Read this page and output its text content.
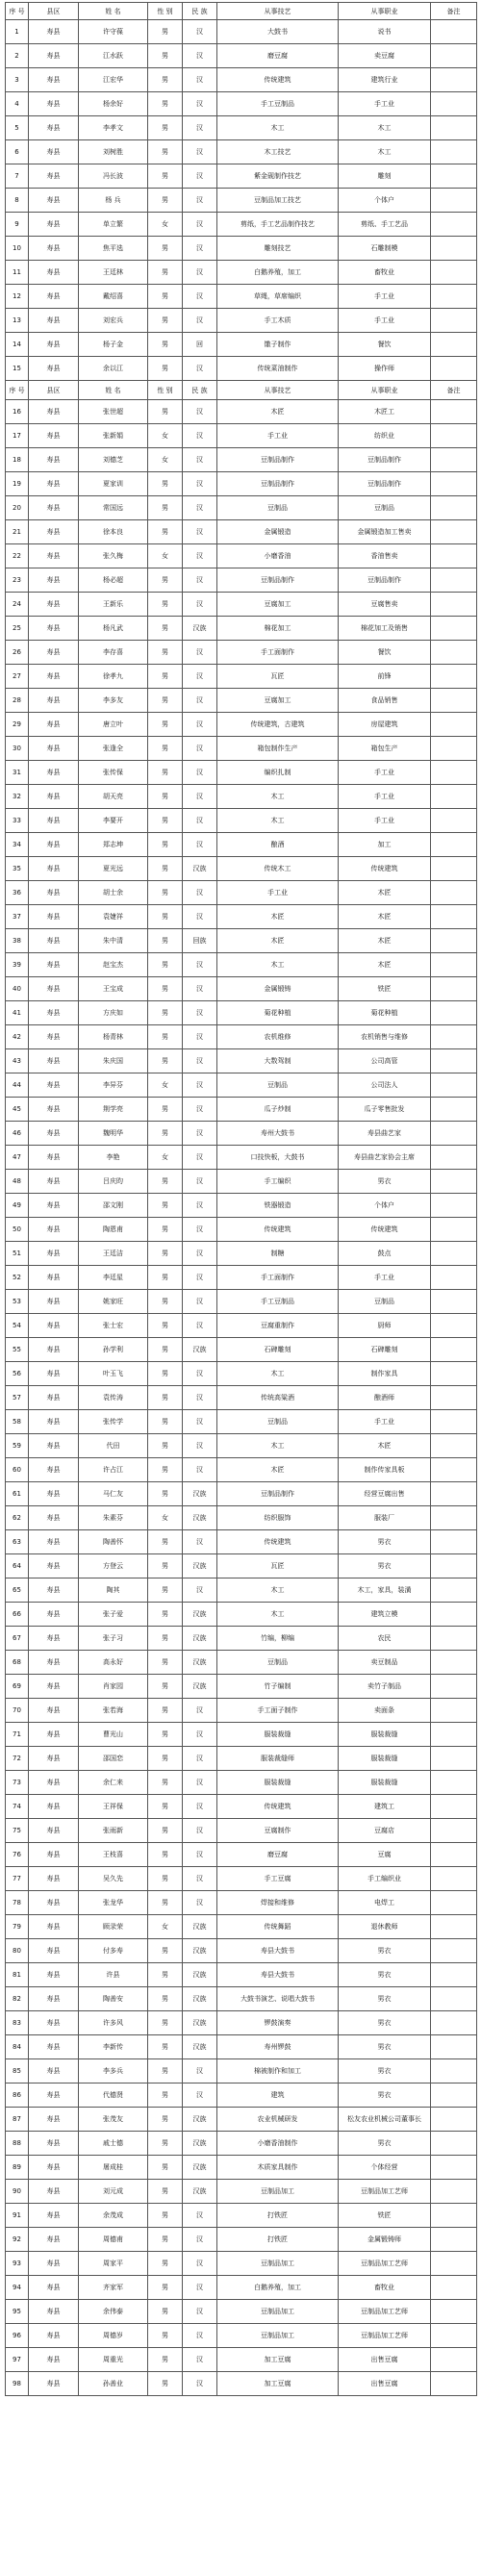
序 号	县区	姓 名	性 别	民 族	从事技艺	从事职业	备注
1	寿县	许守葆	男	汉	大鼓书	说书	
2	寿县	江水跃	男	汉	磨豆腐	卖豆腐	
3	寿县	江宏华	男	汉	传统建筑	建筑行业	
4	寿县	杨余好	男	汉	手工豆制品	手工业	
5	寿县	李孝文	男	汉	木工	木工	
6	寿县	刘树胜	男	汉	木工技艺	木工	
7	寿县	冯长波	男	汉	紫金砚制作技艺	雕刻	
8	寿县	杨 兵	男	汉	豆制品加工技艺	个体户	
9	寿县	单立繁	女	汉	剪纸，手工艺品制作技艺	剪纸、手工艺品	
10	寿县	焦平选	男	汉	雕刻技艺	石雕制模	
11	寿县	王廷林	男	汉	白鹅养殖，加工	畜牧业	
12	寿县	戴绍喜	男	汉	草绳，草席编织	手工业	
13	寿县	刘宏兵	男	汉	手工木质	手工业	
14	寿县	杨子金	男	回	馓子制作	餐饮	
15	寿县	余以江	男	汉	传统菜油制作	操作师	
序 号	县区	姓 名	性 别	民 族	从事技艺	从事职业	备注
16	寿县	张世超	男	汉	木匠	木匠工	
17	寿县	张新娟	女	汉	手工业	纺织业	
18	寿县	刘德芝	女	汉	豆制品制作	豆制品制作	
19	寿县	夏家训	男	汉	豆制品制作	豆制品制作	
20	寿县	常国远	男	汉	豆制品	豆制品	
21	寿县	徐本良	男	汉	金属锻造	金属锻造加工售卖	
22	寿县	张久梅	女	汉	小磨香油	香油售卖	
23	寿县	杨必超	男	汉	豆制品制作	豆制品制作	
24	寿县	王新乐	男	汉	豆腐加工	豆腐售卖	
25	寿县	杨凡武	男	汉族	棉花加工	棉花加工及销售	
26	寿县	李存喜	男	汉	手工面制作	餐饮	
27	寿县	徐孝九	男	汉	瓦匠	前锋	
28	寿县	李多友	男	汉	豆腐加工	食品销售	
29	寿县	唐立叶	男	汉	传统建筑，古建筑	房屋建筑	
30	寿县	张逢全	男	汉	箱包制作生产	箱包生产	
31	寿县	张传保	男	汉	编织扎制	手工业	
32	寿县	胡天亮	男	汉	木工	手工业	
33	寿县	李要开	男	汉	木工	手工业	
34	寿县	郑志坤	男	汉	酿酒	加工	
35	寿县	夏光远	男	汉族	传统木工	传统建筑	
36	寿县	胡士余	男	汉	手工业	木匠	
37	寿县	袁婕祥	男	汉	木匠	木匠	
38	寿县	朱中清	男	回族	木匠	木匠	
39	寿县	赵宝杰	男	汉	木工	木匠	
40	寿县	王宝成	男	汉	金属锻铸	铁匠	
41	寿县	方庆如	男	汉	菊花种植	菊花种植	
42	寿县	杨青林	男	汉	农机维修	农机销售与维修	
43	寿县	朱庆国	男	汉	大数驾制	公司高管	
44	寿县	李异芬	女	汉	豆制品	公司法人	
45	寿县	荆学亮	男	汉	瓜子炒制	瓜子零售批发	
46	寿县	魏明华	男	汉	寿州大鼓书	寿县曲艺家	
47	寿县	李艳	女	汉	口技快板，大鼓书	寿县曲艺家协会主席	
48	寿县	吕庆昀	男	汉	手工编织	男衣	
49	寿县	邵文刚	男	汉	铁器锻造	个体户	
50	寿县	陶恩甫	男	汉	传统建筑	传统建筑	
51	寿县	王廷洁	男	汉	制糖	鼓点	
52	寿县	李廷星	男	汉	手工面制作	手工业	
53	寿县	姚家旺	男	汉	手工豆制品	豆制品	
54	寿县	张士宏	男	汉	豆腐重制作	厨师	
55	寿县	孙学利	男	汉族	石碑雕刻	石碑雕刻	
56	寿县	叶玉飞	男	汉	木工	制作家具	
57	寿县	袁传涛	男	汉	传统高粱酒	酿酒师	
58	寿县	张传学	男	汉	豆制品	手工业	
59	寿县	代田	男	汉	木工	木匠	
60	寿县	许占江	男	汉	木匠	制作传家具板	
61	寿县	马仁友	男	汉族	豆制品制作	经营豆腐出售	
62	寿县	朱素芬	女	汉族	纺织服饰	服装厂	
63	寿县	陶善怀	男	汉	传统建筑	男衣	
64	寿县	方登云	男	汉族	瓦匠	男衣	
65	寿县	陶其	男	汉	木工	木工，家具，装潢	
66	寿县	张子爱	男	汉族	木工	建筑立模	
67	寿县	张子习	男	汉族	竹编，柳编	农民	
68	寿县	高永好	男	汉族	豆制品	卖豆制品	
69	寿县	肖家园	男	汉族	竹子编制	卖竹子制品	
70	寿县	张若海	男	汉	手工面子制作	卖面条	
71	寿县	曹光山	男	汉	服装裁缝	服装裁缝	
72	寿县	邵国恋	男	汉	服装裁缝师	服装裁缝	
73	寿县	余仁来	男	汉	服装裁缝	服装裁缝	
74	寿县	王祥保	男	汉	传统建筑	建筑工	
75	寿县	张雨新	男	汉	豆腐制作	豆腐店	
76	寿县	王枝喜	男	汉	磨豆腐	豆腐	
77	寿县	吴久先	男	汉	手工豆腐	手工编织业	
78	寿县	张龙华	男	汉	焊接和维修	电焊工	
79	寿县	顾录荣	女	汉族	传统舞蹈	退休教师	
80	寿县	付多寿	男	汉族	寿县大鼓书	男衣	
81	寿县	许县	男	汉族	寿县大鼓书	男衣	
82	寿县	陶善安	男	汉族	大鼓书演艺、说唱大鼓书	男衣	
83	寿县	许多风	男	汉族	锣鼓演奏	男衣	
84	寿县	李新传	男	汉族	寿州锣鼓	男衣	
85	寿县	李多兵	男	汉	棉被制作和加工	男衣	
86	寿县	代德贤	男	汉	建筑	男衣	
87	寿县	张茂友	男	汉族	农业机械研发	松友农业机械公司董事长	
88	寿县	戚士德	男	汉族	小磨香油制作	男衣	
89	寿县	屠成桂	男	汉族	木质家具制作	个体经营	
90	寿县	刘元成	男	汉族	豆制品加工	豆制品加工艺师	
91	寿县	余茂成	男	汉	打铁匠	铁匠	
92	寿县	周德甫	男	汉	打铁匠	金属锻铸师	
93	寿县	周家平	男	汉	豆制品加工	豆制品加工艺师	
94	寿县	齐家军	男	汉	白鹅养殖，加工	畜牧业	
95	寿县	余伟泰	男	汉	豆制品加工	豆制品加工艺师	
96	寿县	周德岁	男	汉	豆制品加工	豆制品加工艺师	
97	寿县	周重光	男	汉	加工豆腐	出售豆腐	
98	寿县	孙善业	男	汉	加工豆腐	出售豆腐	
